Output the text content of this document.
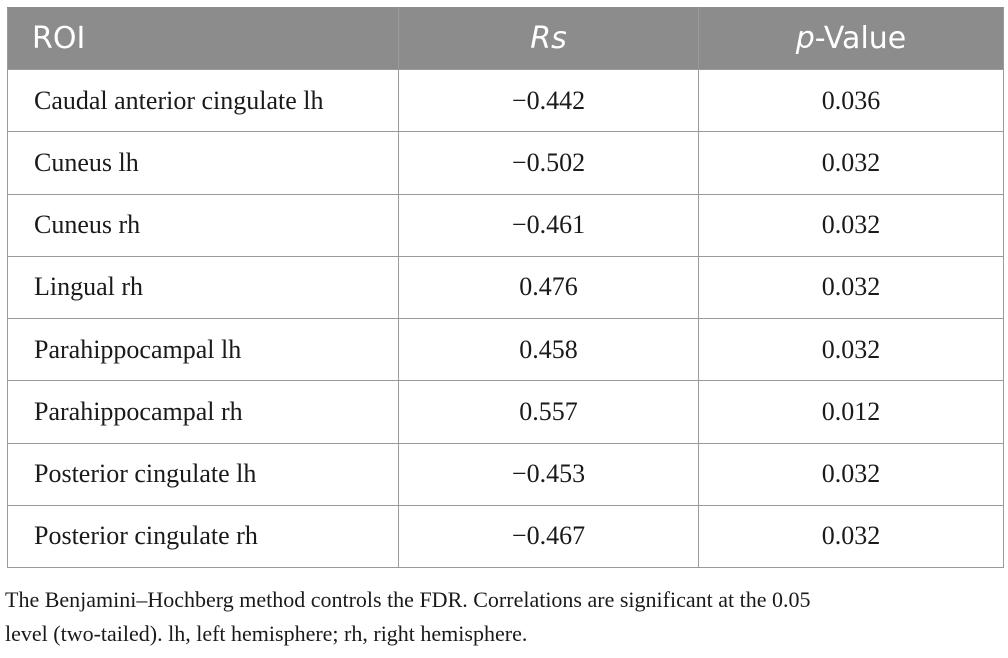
ROI	Rs	p-Value
Caudal anterior cingulate lh	−0.442	0.036
Cuneus lh	−0.502	0.032
Cuneus rh	−0.461	0.032
Lingual rh	0.476	0.032
Parahippocampal lh	0.458	0.032
Parahippocampal rh	0.557	0.012
Posterior cingulate lh	−0.453	0.032
Posterior cingulate rh	−0.467	0.032
The Benjamini–Hochberg method controls the FDR. Correlations are significant at the 0.05
level (two-tailed). lh, left hemisphere; rh, right hemisphere.
